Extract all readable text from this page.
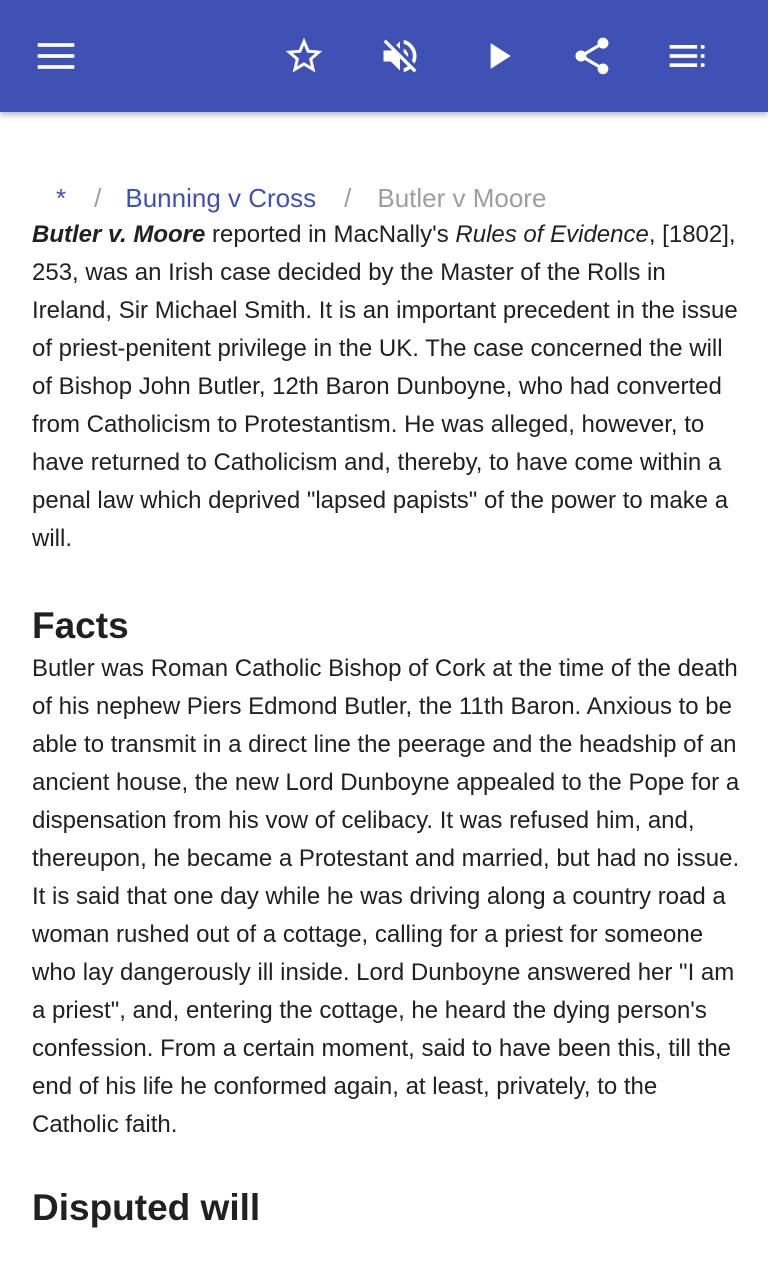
* / Bunning v Cross / Butler v Moore

Butler v. Moore reported in MacNally's Rules of Evidence, [1802], 253, was an Irish case decided by the Master of the Rolls in Ireland, Sir Michael Smith. It is an important precedent in the issue of priest-penitent privilege in the UK. The case concerned the will of Bishop John Butler, 12th Baron Dunboyne, who had converted from Catholicism to Protestantism. He was alleged, however, to have returned to Catholicism and, thereby, to have come within a penal law which deprived "lapsed papists" of the power to make a will.

Facts

Butler was Roman Catholic Bishop of Cork at the time of the death of his nephew Piers Edmond Butler, the 11th Baron. Anxious to be able to transmit in a direct line the peerage and the headship of an ancient house, the new Lord Dunboyne appealed to the Pope for a dispensation from his vow of celibacy. It was refused him, and, thereupon, he became a Protestant and married, but had no issue. It is said that one day while he was driving along a country road a woman rushed out of a cottage, calling for a priest for someone who lay dangerously ill inside. Lord Dunboyne answered her "I am a priest", and, entering the cottage, he heard the dying person's confession. From a certain moment, said to have been this, till the end of his life he conformed again, at least, privately, to the Catholic faith.

Disputed will
